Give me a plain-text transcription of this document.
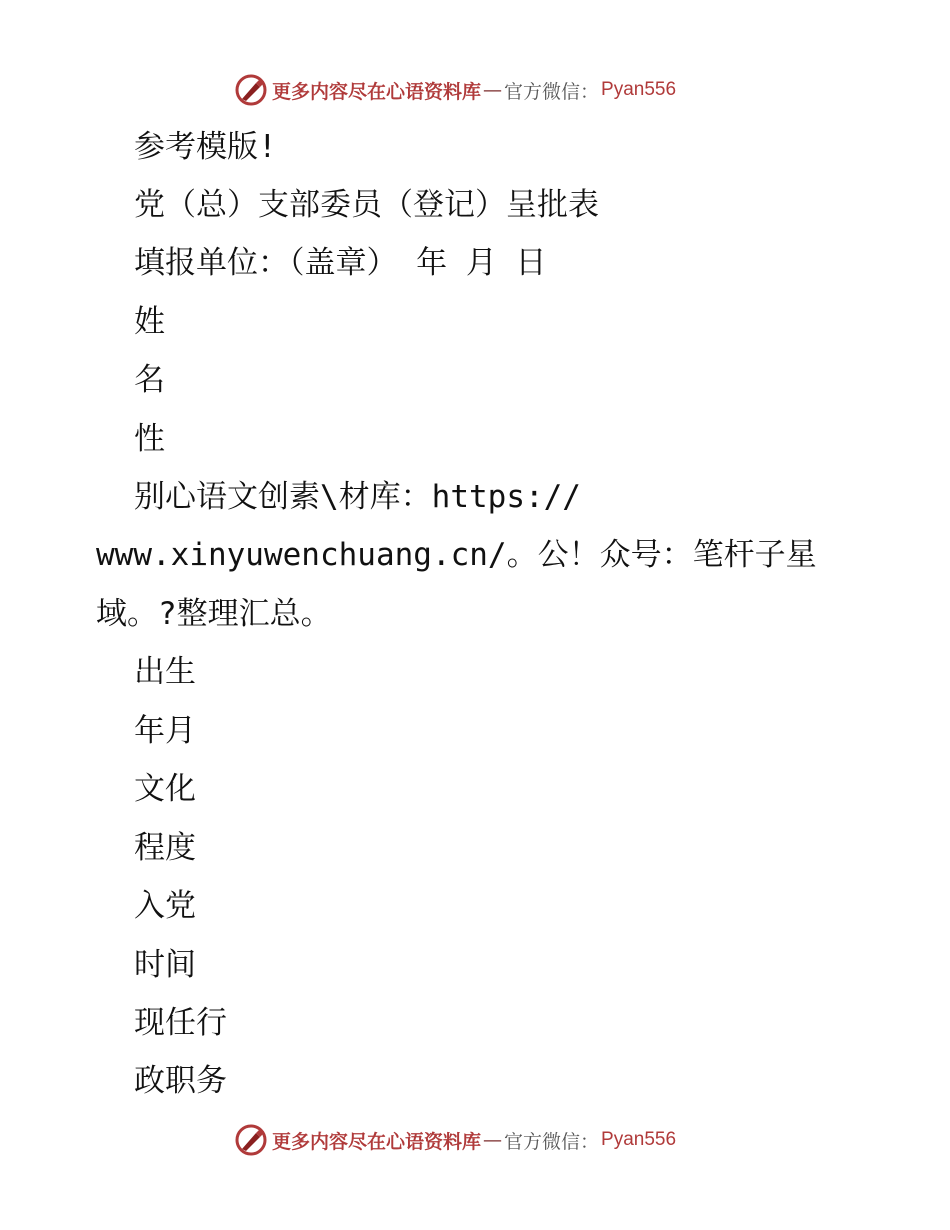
更多内容尽在心语资料库 — 官方微信： Pyan556
参考模版!
党（总）支部委员（登记）呈批表
填报单位：（盖章） 年 月 日
姓
名
性
别心语文创素\材库：https://
www.xinyuwenchuang.cn/。公！众号：笔杆子星
域。?整理汇总。
出生
年月
文化
程度
入党
时间
现任行
政职务
更多内容尽在心语资料库 — 官方微信： Pyan556
